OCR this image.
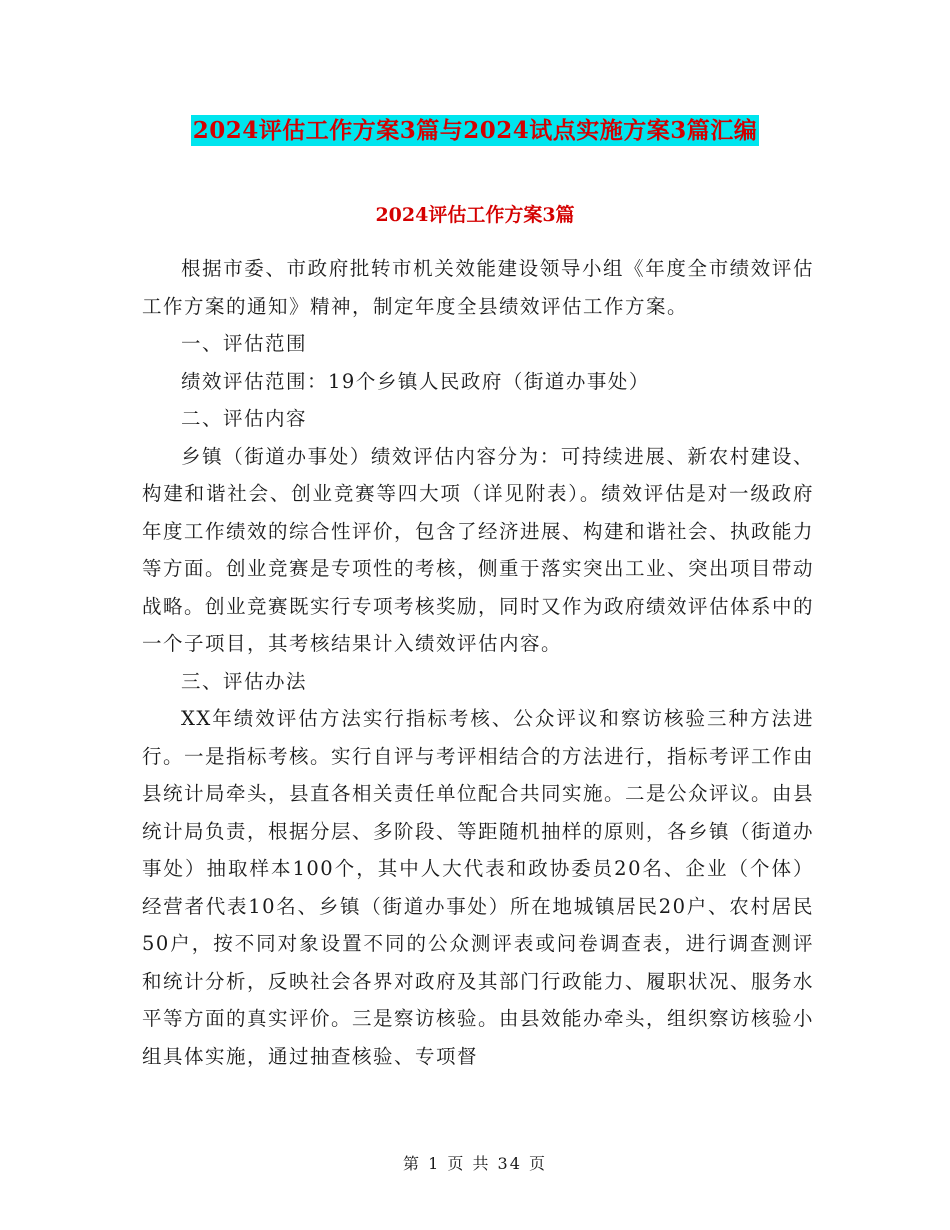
2024评估工作方案3篇与2024试点实施方案3篇汇编
2024评估工作方案3篇

根据市委、市政府批转市机关效能建设领导小组《年度全市绩效评估工作方案的通知》精神，制定年度全县绩效评估工作方案。

一、评估范围

绩效评估范围：19个乡镇人民政府（街道办事处）

二、评估内容

乡镇（街道办事处）绩效评估内容分为：可持续进展、新农村建设、构建和谐社会、创业竞赛等四大项（详见附表）。绩效评估是对一级政府年度工作绩效的综合性评价，包含了经济进展、构建和谐社会、执政能力等方面。创业竞赛是专项性的考核，侧重于落实突出工业、突出项目带动战略。创业竞赛既实行专项考核奖励，同时又作为政府绩效评估体系中的一个子项目，其考核结果计入绩效评估内容。

三、评估办法

XX年绩效评估方法实行指标考核、公众评议和察访核验三种方法进行。一是指标考核。实行自评与考评相结合的方法进行，指标考评工作由县统计局牵头，县直各相关责任单位配合共同实施。二是公众评议。由县统计局负责，根据分层、多阶段、等距随机抽样的原则，各乡镇（街道办事处）抽取样本100个，其中人大代表和政协委员20名、企业（个体）经营者代表10名、乡镇（街道办事处）所在地城镇居民20户、农村居民50户，按不同对象设置不同的公众测评表或问卷调查表，进行调查测评和统计分析，反映社会各界对政府及其部门行政能力、履职状况、服务水平等方面的真实评价。三是察访核验。由县效能办牵头，组织察访核验小组具体实施，通过抽查核验、专项督

第 1 页 共 34 页
